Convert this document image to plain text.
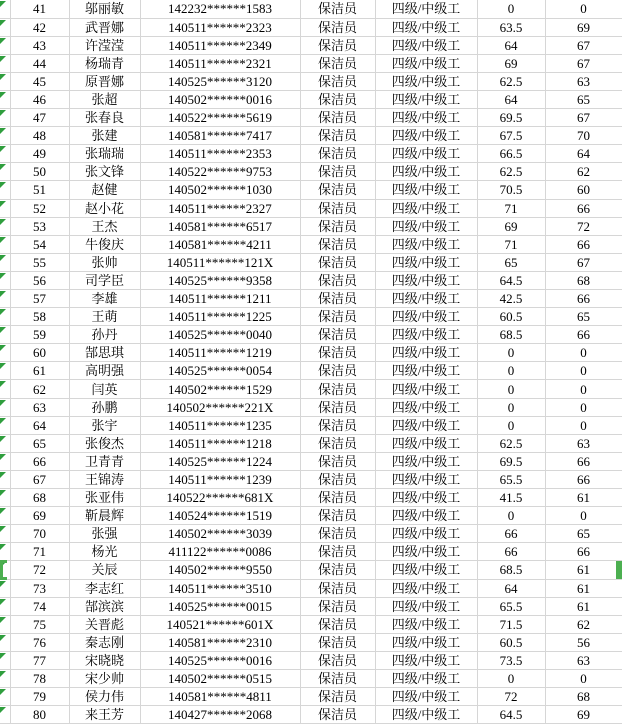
	41	邬丽敏	142232******1583	保洁员	四级/中级工	0	0

	42	武晋娜	140511******2323	保洁员	四级/中级工	63.5	69

	43	许滢滢	140511******2349	保洁员	四级/中级工	64	67

	44	杨瑞青	140511******2321	保洁员	四级/中级工	69	67

	45	原晋娜	140525******3120	保洁员	四级/中级工	62.5	63

	46	张超	140502******0016	保洁员	四级/中级工	64	65

	47	张春良	140522******5619	保洁员	四级/中级工	69.5	67

	48	张建	140581******7417	保洁员	四级/中级工	67.5	70

	49	张瑞瑞	140511******2353	保洁员	四级/中级工	66.5	64

	50	张文锋	140522******9753	保洁员	四级/中级工	62.5	62

	51	赵健	140502******1030	保洁员	四级/中级工	70.5	60

	52	赵小花	140511******2327	保洁员	四级/中级工	71	66

	53	王杰	140581******6517	保洁员	四级/中级工	69	72

	54	牛俊庆	140581******4211	保洁员	四级/中级工	71	66

	55	张帅	140511******121X	保洁员	四级/中级工	65	67

	56	司学臣	140525******9358	保洁员	四级/中级工	64.5	68

	57	李雄	140511******1211	保洁员	四级/中级工	42.5	66

	58	王萌	140511******1225	保洁员	四级/中级工	60.5	65

	59	孙丹	140525******0040	保洁员	四级/中级工	68.5	66

	60	郜思琪	140511******1219	保洁员	四级/中级工	0	0

	61	高明强	140525******0054	保洁员	四级/中级工	0	0

	62	闫英	140502******1529	保洁员	四级/中级工	0	0

	63	孙鹏	140502******221X	保洁员	四级/中级工	0	0

	64	张宇	140511******1235	保洁员	四级/中级工	0	0

	65	张俊杰	140511******1218	保洁员	四级/中级工	62.5	63

	66	卫青青	140525******1224	保洁员	四级/中级工	69.5	66

	67	王锦涛	140511******1239	保洁员	四级/中级工	65.5	66

	68	张亚伟	140522******681X	保洁员	四级/中级工	41.5	61

	69	靳晨辉	140524******1519	保洁员	四级/中级工	0	0

	70	张强	140502******3039	保洁员	四级/中级工	66	65

	71	杨光	411122******0086	保洁员	四级/中级工	66	66

	72	关辰	140502******9550	保洁员	四级/中级工	68.5	61

	73	李志红	140511******3510	保洁员	四级/中级工	64	61

	74	郜滨滨	140525******0015	保洁员	四级/中级工	65.5	61

	75	关晋彪	140521******601X	保洁员	四级/中级工	71.5	62

	76	秦志刚	140581******2310	保洁员	四级/中级工	60.5	56

	77	宋晓晓	140525******0016	保洁员	四级/中级工	73.5	63

	78	宋少帅	140502******0515	保洁员	四级/中级工	0	0

	79	侯力伟	140581******4811	保洁员	四级/中级工	72	68

	80	来王芳	140427******2068	保洁员	四级/中级工	64.5	69
